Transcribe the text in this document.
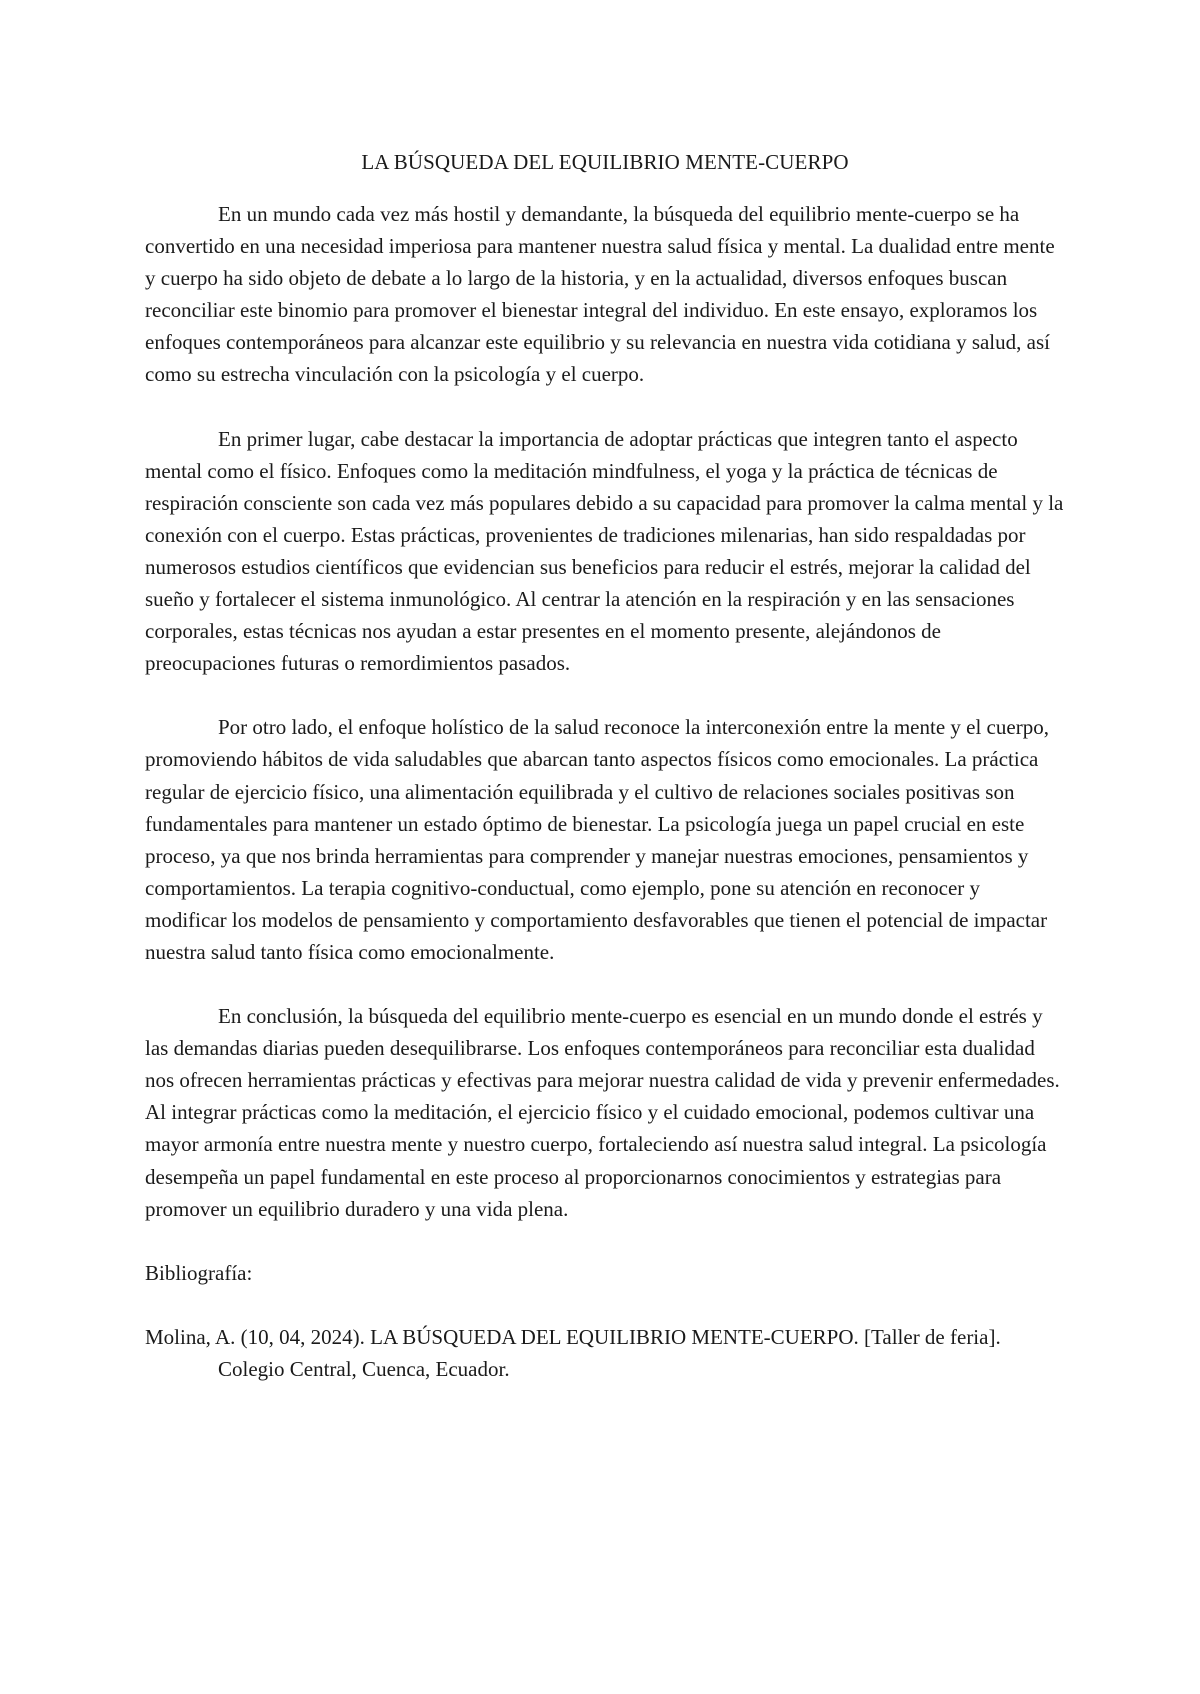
LA BÚSQUEDA DEL EQUILIBRIO MENTE-CUERPO

En un mundo cada vez más hostil y demandante, la búsqueda del equilibrio mente-cuerpo se ha convertido en una necesidad imperiosa para mantener nuestra salud física y mental. La dualidad entre mente y cuerpo ha sido objeto de debate a lo largo de la historia, y en la actualidad, diversos enfoques buscan reconciliar este binomio para promover el bienestar integral del individuo. En este ensayo, exploramos los enfoques contemporáneos para alcanzar este equilibrio y su relevancia en nuestra vida cotidiana y salud, así como su estrecha vinculación con la psicología y el cuerpo.

En primer lugar, cabe destacar la importancia de adoptar prácticas que integren tanto el aspecto mental como el físico. Enfoques como la meditación mindfulness, el yoga y la práctica de técnicas de respiración consciente son cada vez más populares debido a su capacidad para promover la calma mental y la conexión con el cuerpo. Estas prácticas, provenientes de tradiciones milenarias, han sido respaldadas por numerosos estudios científicos que evidencian sus beneficios para reducir el estrés, mejorar la calidad del sueño y fortalecer el sistema inmunológico. Al centrar la atención en la respiración y en las sensaciones corporales, estas técnicas nos ayudan a estar presentes en el momento presente, alejándonos de preocupaciones futuras o remordimientos pasados.

Por otro lado, el enfoque holístico de la salud reconoce la interconexión entre la mente y el cuerpo, promoviendo hábitos de vida saludables que abarcan tanto aspectos físicos como emocionales. La práctica regular de ejercicio físico, una alimentación equilibrada y el cultivo de relaciones sociales positivas son fundamentales para mantener un estado óptimo de bienestar. La psicología juega un papel crucial en este proceso, ya que nos brinda herramientas para comprender y manejar nuestras emociones, pensamientos y comportamientos. La terapia cognitivo-conductual, como ejemplo, pone su atención en reconocer y modificar los modelos de pensamiento y comportamiento desfavorables que tienen el potencial de impactar nuestra salud tanto física como emocionalmente.

En conclusión, la búsqueda del equilibrio mente-cuerpo es esencial en un mundo donde el estrés y las demandas diarias pueden desequilibrarse. Los enfoques contemporáneos para reconciliar esta dualidad nos ofrecen herramientas prácticas y efectivas para mejorar nuestra calidad de vida y prevenir enfermedades. Al integrar prácticas como la meditación, el ejercicio físico y el cuidado emocional, podemos cultivar una mayor armonía entre nuestra mente y nuestro cuerpo, fortaleciendo así nuestra salud integral. La psicología desempeña un papel fundamental en este proceso al proporcionarnos conocimientos y estrategias para promover un equilibrio duradero y una vida plena.

Bibliografía:

Molina, A. (10, 04, 2024). LA BÚSQUEDA DEL EQUILIBRIO MENTE-CUERPO. [Taller de feria]. Colegio Central, Cuenca, Ecuador.
